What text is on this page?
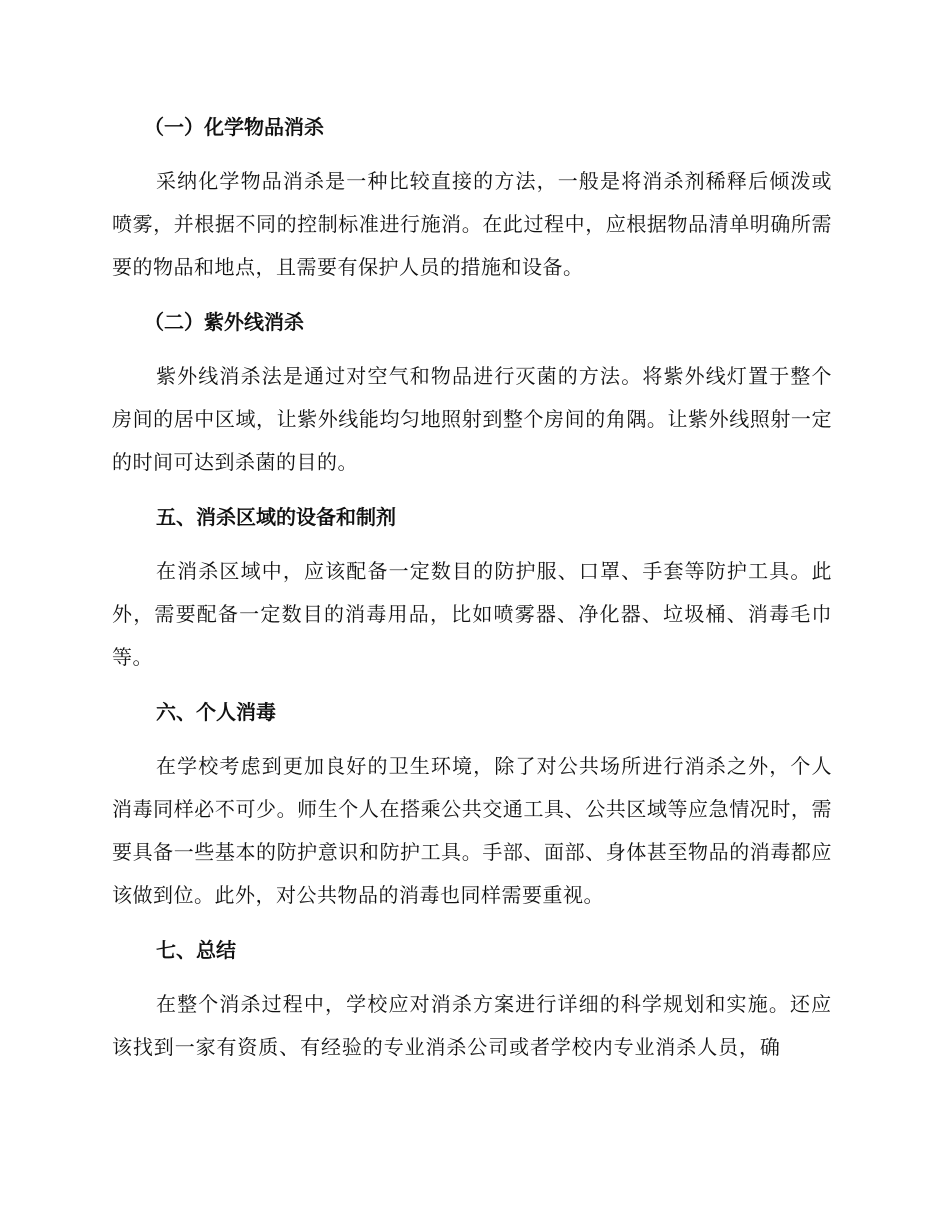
（一）化学物品消杀
采纳化学物品消杀是一种比较直接的方法，一般是将消杀剂稀释后倾泼或喷雾，并根据不同的控制标准进行施消。在此过程中，应根据物品清单明确所需要的物品和地点，且需要有保护人员的措施和设备。
（二）紫外线消杀
紫外线消杀法是通过对空气和物品进行灭菌的方法。将紫外线灯置于整个房间的居中区域，让紫外线能均匀地照射到整个房间的角隅。让紫外线照射一定的时间可达到杀菌的目的。
五、消杀区域的设备和制剂
在消杀区域中，应该配备一定数目的防护服、口罩、手套等防护工具。此外，需要配备一定数目的消毒用品，比如喷雾器、净化器、垃圾桶、消毒毛巾等。
六、个人消毒
在学校考虑到更加良好的卫生环境，除了对公共场所进行消杀之外，个人消毒同样必不可少。师生个人在搭乘公共交通工具、公共区域等应急情况时，需要具备一些基本的防护意识和防护工具。手部、面部、身体甚至物品的消毒都应该做到位。此外，对公共物品的消毒也同样需要重视。
七、总结
在整个消杀过程中，学校应对消杀方案进行详细的科学规划和实施。还应该找到一家有资质、有经验的专业消杀公司或者学校内专业消杀人员，确
